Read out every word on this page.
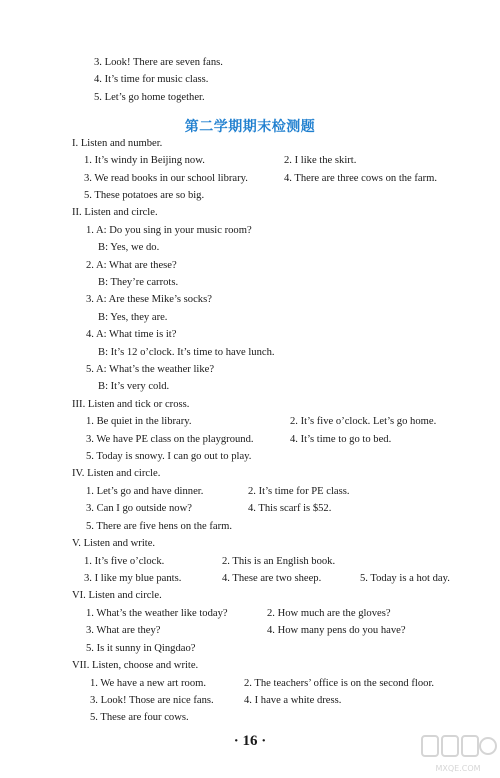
3. Look! There are seven fans.
4. It’s time for music class.
5. Let’s go home together.
第二学期期末检测题
I. Listen and number.
1. It’s windy in Beijing now.	2. I like the skirt.
3. We read books in our school library.	4. There are three cows on the farm.
5. These potatoes are so big.
II. Listen and circle.
1. A: Do you sing in your music room?
B: Yes, we do.
2. A: What are these?
B: They’re carrots.
3. A: Are these Mike’s socks?
B: Yes, they are.
4. A: What time is it?
B: It’s 12 o’clock. It’s time to have lunch.
5. A: What’s the weather like?
B: It’s very cold.
III. Listen and tick or cross.
1. Be quiet in the library.	2. It’s five o’clock. Let’s go home.
3. We have PE class on the playground.	4. It’s time to go to bed.
5. Today is snowy. I can go out to play.
IV. Listen and circle.
1. Let’s go and have dinner.	2. It’s time for PE class.
3. Can I go outside now?	4. This scarf is $52.
5. There are five hens on the farm.
V. Listen and write.
1. It’s five o’clock.	2. This is an English book.
3. I like my blue pants.	4. These are two sheep.	5. Today is a hot day.
VI. Listen and circle.
1. What’s the weather like today?	2. How much are the gloves?
3. What are they?	4. How many pens do you have?
5. Is it sunny in Qingdao?
VII. Listen, choose and write.
1. We have a new art room.	2. The teachers’ office is on the second floor.
3. Look! Those are nice fans.	4. I have a white dress.
5. These are four cows.
· 16 ·
MXQE.COM
